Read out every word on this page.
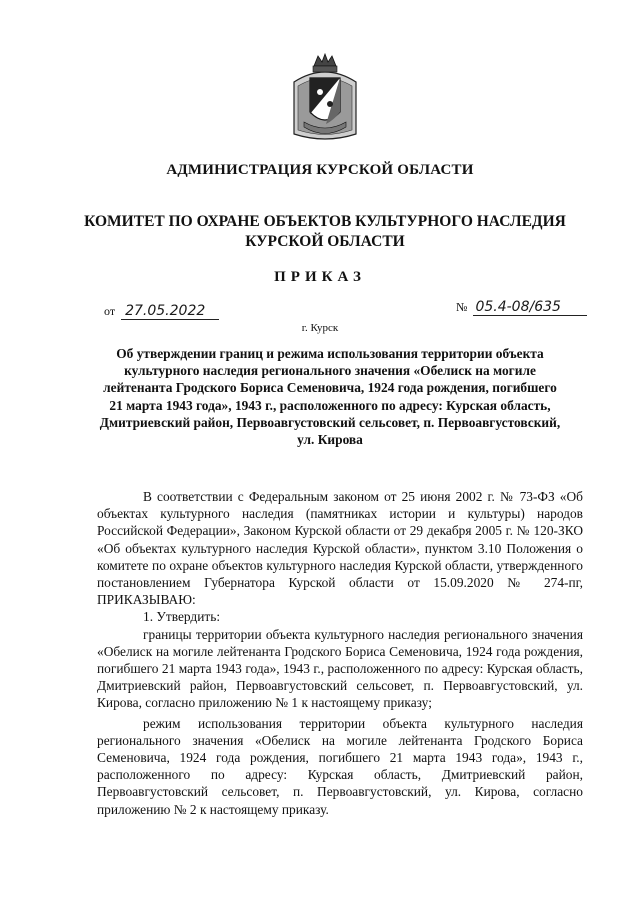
АДМИНИСТРАЦИЯ КУРСКОЙ ОБЛАСТИ
КОМИТЕТ ПО ОХРАНЕ ОБЪЕКТОВ КУЛЬТУРНОГО НАСЛЕДИЯ
КУРСКОЙ ОБЛАСТИ
ПРИКАЗ
от 27.05.2022	№ 05.4-08/635
г. Курск
Об утверждении границ и режима использования территории объекта культурного наследия регионального значения «Обелиск на могиле лейтенанта Гродского Бориса Семеновича, 1924 года рождения, погибшего 21 марта 1943 года», 1943 г., расположенного по адресу: Курская область, Дмитриевский район, Первоавгустовский сельсовет, п. Первоавгустовский, ул. Кирова

В соответствии с Федеральным законом от 25 июня 2002 г. № 73-ФЗ «Об объектах культурного наследия (памятниках истории и культуры) народов Российской Федерации», Законом Курской области от 29 декабря 2005 г. № 120-ЗКО «Об объектах культурного наследия Курской области», пунктом 3.10 Положения о комитете по охране объектов культурного наследия Курской области, утвержденного постановлением Губернатора Курской области от 15.09.2020 № 274-пг, ПРИКАЗЫВАЮ:

1. Утвердить:

границы территории объекта культурного наследия регионального значения «Обелиск на могиле лейтенанта Гродского Бориса Семеновича, 1924 года рождения, погибшего 21 марта 1943 года», 1943 г., расположенного по адресу: Курская область, Дмитриевский район, Первоавгустовский сельсовет, п. Первоавгустовский, ул. Кирова, согласно приложению № 1 к настоящему приказу;

режим использования территории объекта культурного наследия регионального значения «Обелиск на могиле лейтенанта Гродского Бориса Семеновича, 1924 года рождения, погибшего 21 марта 1943 года», 1943 г., расположенного по адресу: Курская область, Дмитриевский район, Первоавгустовский сельсовет, п. Первоавгустовский, ул. Кирова, согласно приложению № 2 к настоящему приказу.
